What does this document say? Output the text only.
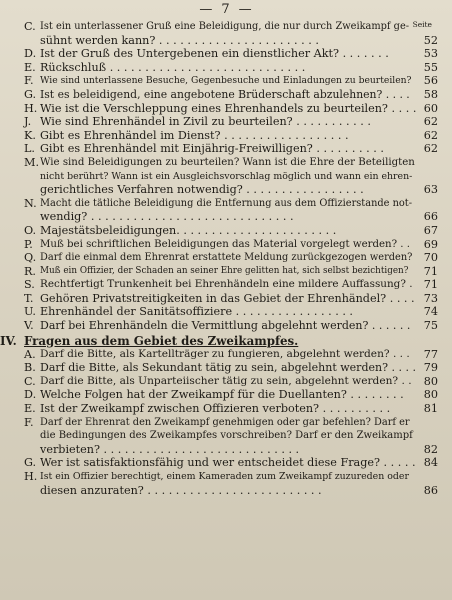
— 7 —
Seite
C. Ist ein unterlassener Gruß eine Beleidigung, die nur durch Zweikampf ge-
sühnt werden kann? . . . . . . . . . . . . . . . . . . . . . . .	52
D. Ist der Gruß des Untergebenen ein dienstlicher Akt? . . . . . . .	53
E. Rückschluß . . . . . . . . . . . . . . . . . . . . . . . . . . . .	55
F. Wie sind unterlassene Besuche, Gegenbesuche und Einladungen zu beurteilen? 56
G. Ist es beleidigend, eine angebotene Brüderschaft abzulehnen? . . . . 58
H. Wie ist die Verschleppung eines Ehrenhandels zu beurteilen? . . . . 60
J. Wie sind Ehrenhändel in Zivil zu beurteilen? . . . . . . . . . . .	62
K. Gibt es Ehrenhändel im Dienst? . . . . . . . . . . . . . . . . . .	62
L. Gibt es Ehrenhändel mit Einjährig-Freiwilligen? . . . . . . . . . .	62
M. Wie sind Beleidigungen zu beurteilen? Wann ist die Ehre der Beteiligten
nicht berührt? Wann ist ein Ausgleichsvorschlag möglich und wann ein ehren-
gerichtliches Verfahren notwendig? . . . . . . . . . . . . . . . . .	63
N. Macht die tätliche Beleidigung die Entfernung aus dem Offizierstande not-
wendig? . . . . . . . . . . . . . . . . . . . . . . . . . . . . .	66
O. Majestätsbeleidigungen. . . . . . . . . . . . . . . . . . . . . . .	67
P. Muß bei schriftlichen Beleidigungen das Material vorgelegt werden? . . 69
Q. Darf die einmal dem Ehrenrat erstattete Meldung zurückgezogen werden? 70
R. Muß ein Offizier, der Schaden an seiner Ehre gelitten hat, sich selbst bezichtigen?	71
S. Rechtfertigt Trunkenheit bei Ehrenhändeln eine mildere Auffassung? . 71
T. Gehören Privatstreitigkeiten in das Gebiet der Ehrenhändel? . . . . 73
U. Ehrenhändel der Sanitätsoffiziere . . . . . . . . . . . . . . . . .	74
V. Darf bei Ehrenhändeln die Vermittlung abgelehnt werden? . . . . . . 75
IV. Fragen aus dem Gebiet des Zweikampfes.
A. Darf die Bitte, als Kartellträger zu fungieren, abgelehnt werden? . . . 77
B. Darf die Bitte, als Sekundant tätig zu sein, abgelehnt werden? . . . . 79
C. Darf die Bitte, als Unparteiischer tätig zu sein, abgelehnt werden? . . 80
D. Welche Folgen hat der Zweikampf für die Duellanten? . . . . . . . .	80
E. Ist der Zweikampf zwischen Offizieren verboten? . . . . . . . . . .	81
F. Darf der Ehrenrat den Zweikampf genehmigen oder gar befehlen? Darf er
die Bedingungen des Zweikampfes vorschreiben? Darf er den Zweikampf
verbieten? . . . . . . . . . . . . . . . . . . . . . . . . . . . .	82
G. Wer ist satisfaktionsfähig und wer entscheidet diese Frage? . . . . . 84
H. Ist ein Offizier berechtigt, einem Kameraden zum Zweikampf zuzureden oder
diesen anzuraten? . . . . . . . . . . . . . . . . . . . . . . . . .	86
